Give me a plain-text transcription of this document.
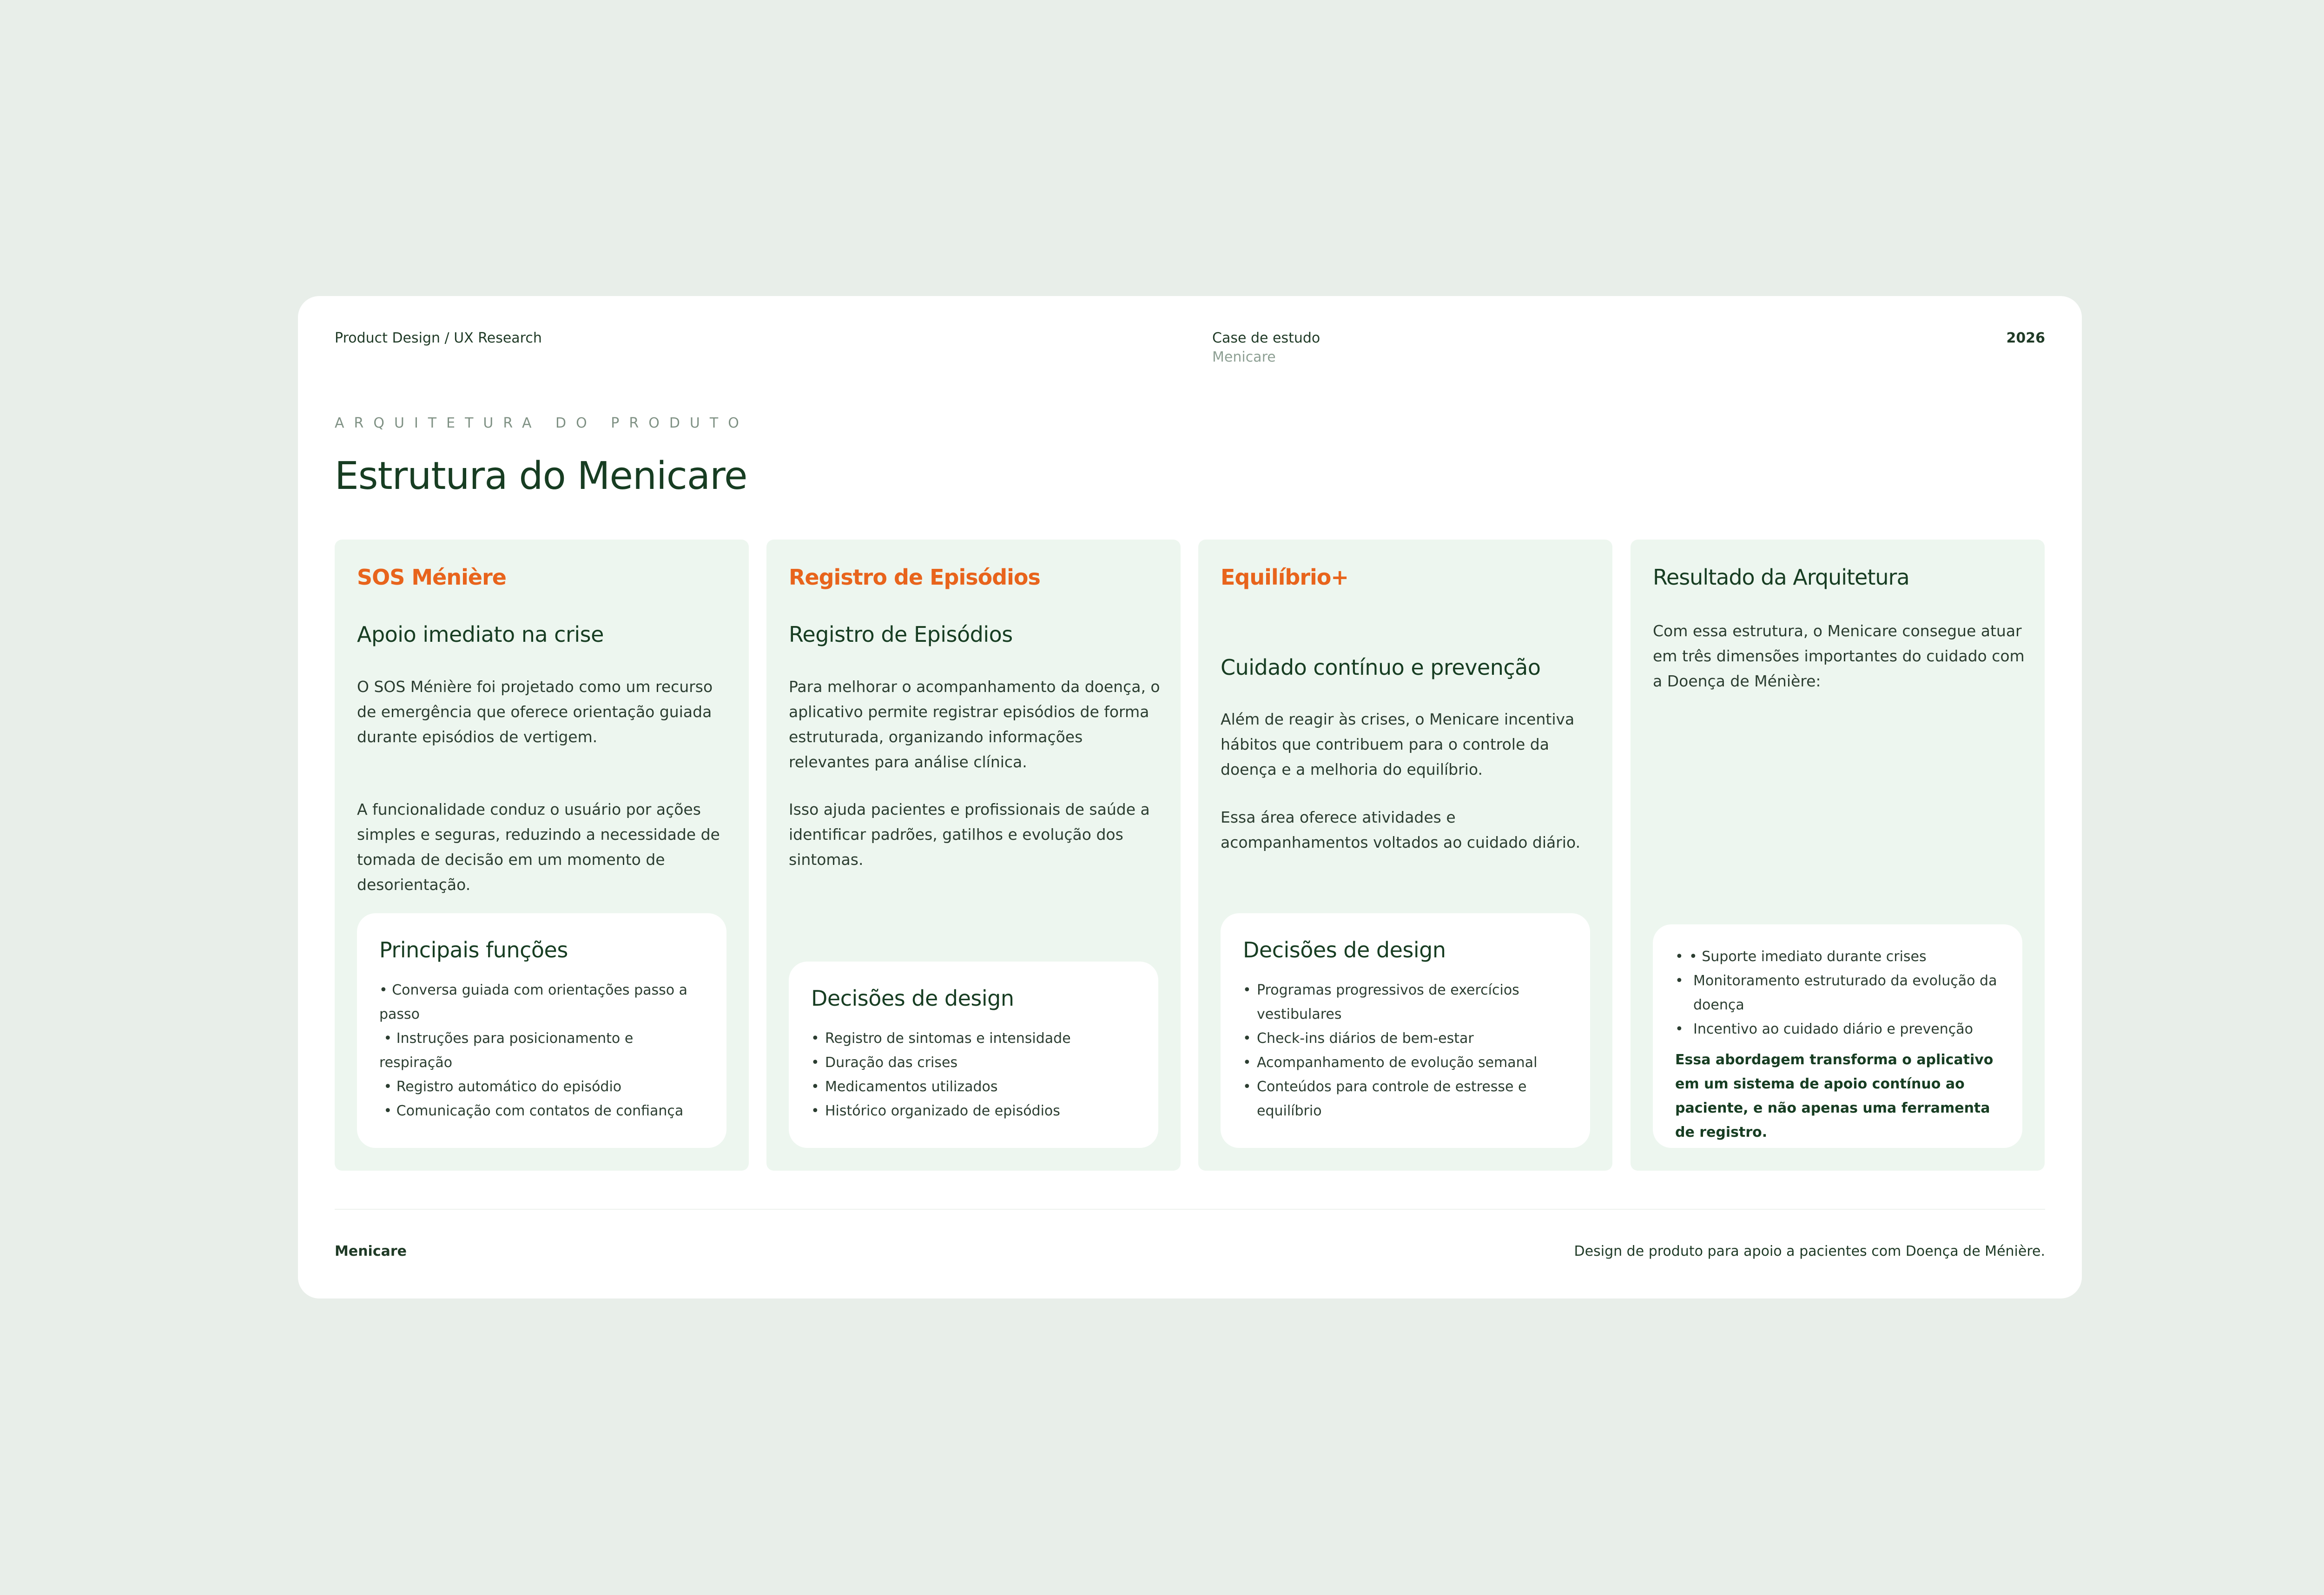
Product Design / UX Research	Case de estudo
Menicare
2026
ARQUITETURA DO PRODUTO
Estrutura do Menicare
SOS Ménière
Apoio imediato na crise

O SOS Ménière foi projetado como um recurso de emergência que oferece orientação guiada durante episódios de vertigem.

A funcionalidade conduz o usuário por ações simples e seguras, reduzindo a necessidade de tomada de decisão em um momento de desorientação.

Principais funções
• Conversa guiada com orientações passo a passo
• Instruções para posicionamento e respiração
• Registro automático do episódio
• Comunicação com contatos de confiança
Registro de Episódios
Registro de Episódios

Para melhorar o acompanhamento da doença, o aplicativo permite registrar episódios de forma estruturada, organizando informações relevantes para análise clínica.

Isso ajuda pacientes e profissionais de saúde a identificar padrões, gatilhos e evolução dos sintomas.

Decisões de design
• Registro de sintomas e intensidade
• Duração das crises
• Medicamentos utilizados
• Histórico organizado de episódios
Equilíbrio+
Cuidado contínuo e prevenção

Além de reagir às crises, o Menicare incentiva hábitos que contribuem para o controle da doença e a melhoria do equilíbrio.

Essa área oferece atividades e acompanhamentos voltados ao cuidado diário.

Decisões de design
• Programas progressivos de exercícios vestibulares
• Check-ins diários de bem-estar
• Acompanhamento de evolução semanal
• Conteúdos para controle de estresse e equilíbrio
Resultado da Arquitetura

Com essa estrutura, o Menicare consegue atuar em três dimensões importantes do cuidado com a Doença de Ménière:

• • Suporte imediato durante crises
• Monitoramento estruturado da evolução da doença
• Incentivo ao cuidado diário e prevenção
Essa abordagem transforma o aplicativo em um sistema de apoio contínuo ao paciente, e não apenas uma ferramenta de registro.
Menicare	Design de produto para apoio a pacientes com Doença de Ménière.
